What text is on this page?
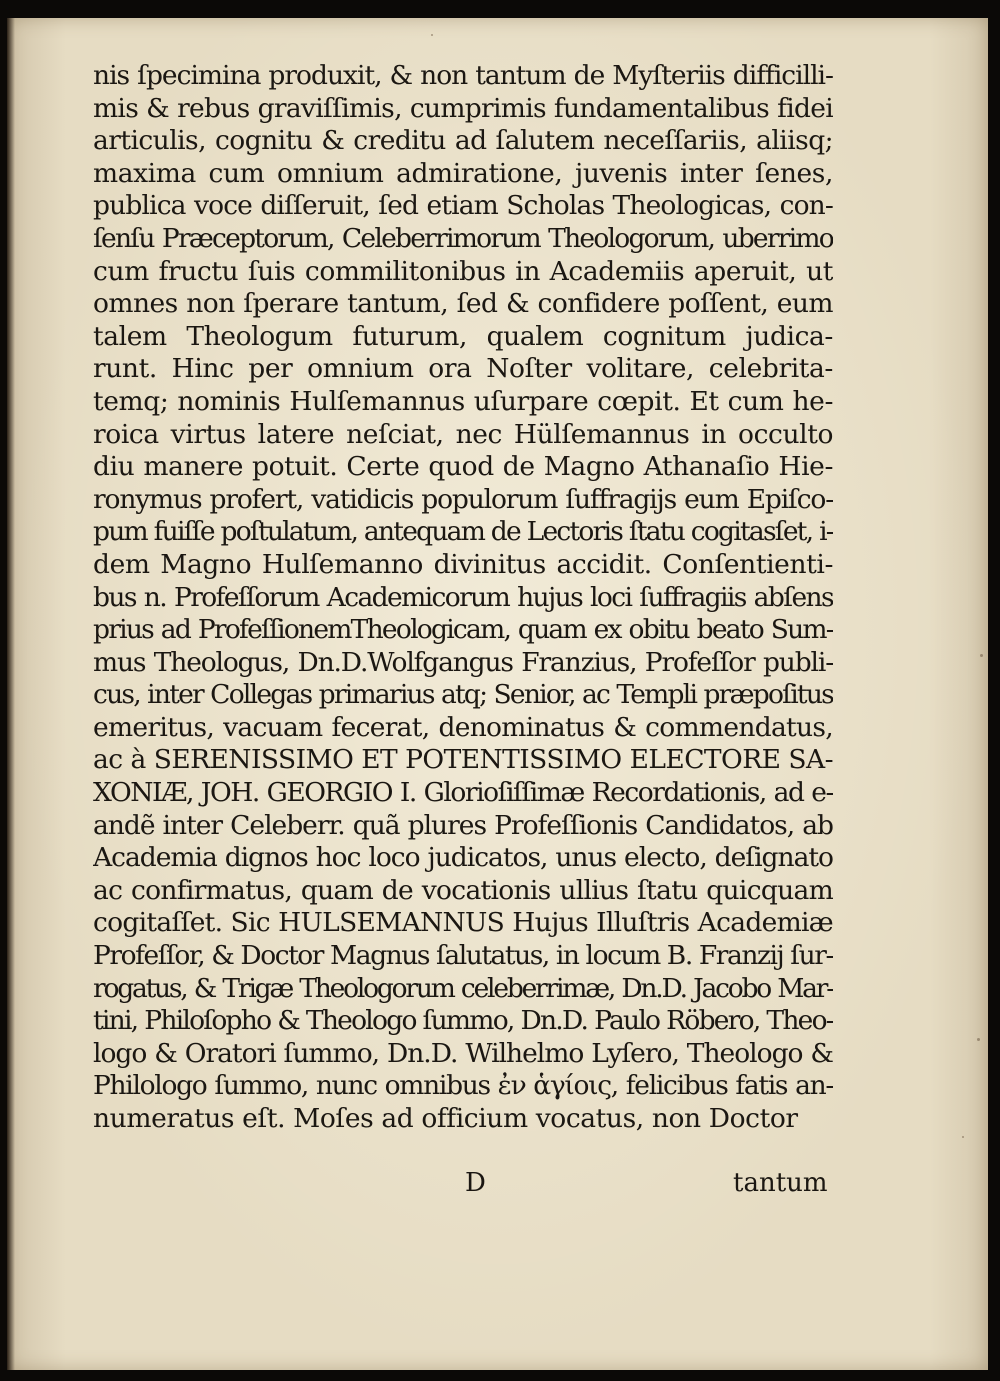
nis ſpecimina produxit, & non tantum de Myſteriis difficilli-
mis & rebus graviſſimis, cumprimis fundamentalibus fidei
articulis, cognitu & creditu ad ſalutem neceſſariis, aliisq;
maxima cum omnium admiratione, juvenis inter ſenes,
publica voce diſſeruit, ſed etiam Scholas Theologicas, con-
ſenſu Præceptorum, Celeberrimorum Theologorum, uberrimo
cum fructu ſuis commilitonibus in Academiis aperuit, ut
omnes non ſperare tantum, ſed & confidere poſſent, eum
talem Theologum futurum, qualem cognitum judica-
runt. Hinc per omnium ora Noſter volitare, celebrita-
temq; nominis Hulſemannus uſurpare cœpit. Et cum he-
roica virtus latere neſciat, nec Hülſemannus in occulto
diu manere potuit. Certe quod de Magno Athanaſio Hie-
ronymus profert, vatidicis populorum ſuffragijs eum Epiſco-
pum fuiſſe poſtulatum, antequam de Lectoris ſtatu cogitasſet, i-
dem Magno Hulſemanno divinitus accidit. Conſentienti-
bus n. Profeſſorum Academicorum hujus loci ſuffragiis abſens
prius ad ProfeſſionemTheologicam, quam ex obitu beato Sum-
mus Theologus, Dn.D.Wolfgangus Franzius, Profeſſor publi-
cus, inter Collegas primarius atq; Senior, ac Templi præpoſitus
emeritus, vacuam fecerat, denominatus & commendatus,
ac à SERENISSIMO ET POTENTISSIMO ELECTORE SA-
XONIÆ, JOH. GEORGIO I. Glorioſiſſimæ Recordationis, ad e-
andẽ inter Celeberr. quã plures Profeſſionis Candidatos, ab
Academia dignos hoc loco judicatos, unus electo, deſignato
ac confirmatus, quam de vocationis ullius ſtatu quicquam
cogitaſſet. Sic HULSEMANNUS Hujus Illuſtris Academiæ
Profeſſor, & Doctor Magnus ſalutatus, in locum B. Franzij ſur-
rogatus, & Trigæ Theologorum celeberrimæ, Dn.D. Jacobo Mar-
tini, Philoſopho & Theologo ſummo, Dn.D. Paulo Röbero, Theo-
logo & Oratori ſummo, Dn.D. Wilhelmo Lyſero, Theologo &
Philologo ſummo, nunc omnibus ἐν ἁγίοις, felicibus fatis an-
numeratus eſt. Moſes ad officium vocatus, non Doctor
D	tantum
